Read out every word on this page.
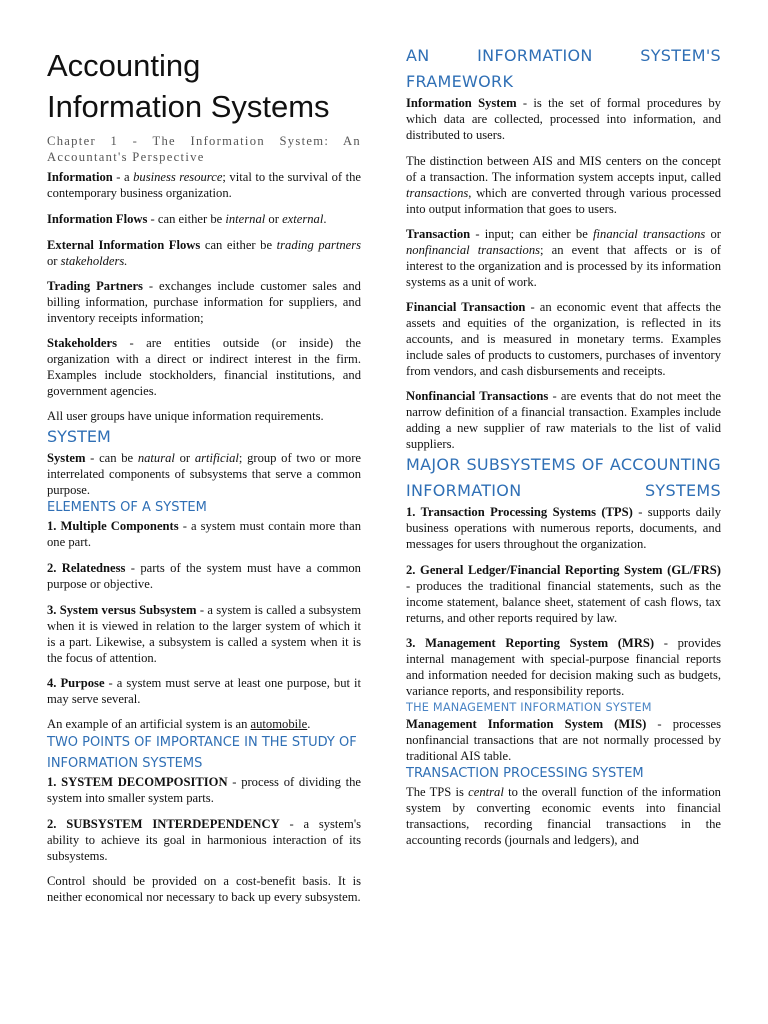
Accounting
Information Systems
Chapter 1 - The Information System: An Accountant's Perspective

Information - a business resource; vital to the survival of the contemporary business organization.

Information Flows - can either be internal or external.

External Information Flows can either be trading partners or stakeholders.

Trading Partners - exchanges include customer sales and billing information, purchase information for suppliers, and inventory receipts information;

Stakeholders - are entities outside (or inside) the organization with a direct or indirect interest in the firm. Examples include stockholders, financial institutions, and government agencies.

All user groups have unique information requirements.

SYSTEM

System - can be natural or artificial; group of two or more interrelated components of subsystems that serve a common purpose.

ELEMENTS OF A SYSTEM

1. Multiple Components - a system must contain more than one part.

2. Relatedness - parts of the system must have a common purpose or objective.

3. System versus Subsystem - a system is called a subsystem when it is viewed in relation to the larger system of which it is a part. Likewise, a subsystem is called a system when it is the focus of attention.

4. Purpose - a system must serve at least one purpose, but it may serve several.

An example of an artificial system is an automobile.

TWO POINTS OF IMPORTANCE IN THE STUDY OF INFORMATION SYSTEMS

1. SYSTEM DECOMPOSITION - process of dividing the system into smaller system parts.

2. SUBSYSTEM INTERDEPENDENCY - a system's ability to achieve its goal in harmonious interaction of its subsystems.

Control should be provided on a cost-benefit basis. It is neither economical nor necessary to back up every subsystem.

AN INFORMATION SYSTEM'S FRAMEWORK

Information System - is the set of formal procedures by which data are collected, processed into information, and distributed to users.

The distinction between AIS and MIS centers on the concept of a transaction. The information system accepts input, called transactions, which are converted through various processed into output information that goes to users.

Transaction - input; can either be financial transactions or nonfinancial transactions; an event that affects or is of interest to the organization and is processed by its information systems as a unit of work.

Financial Transaction - an economic event that affects the assets and equities of the organization, is reflected in its accounts, and is measured in monetary terms. Examples include sales of products to customers, purchases of inventory from vendors, and cash disbursements and receipts.

Nonfinancial Transactions - are events that do not meet the narrow definition of a financial transaction. Examples include adding a new supplier of raw materials to the list of valid suppliers.

MAJOR SUBSYSTEMS OF ACCOUNTING INFORMATION SYSTEMS

1. Transaction Processing Systems (TPS) - supports daily business operations with numerous reports, documents, and messages for users throughout the organization.

2. General Ledger/Financial Reporting System (GL/FRS) - produces the traditional financial statements, such as the income statement, balance sheet, statement of cash flows, tax returns, and other reports required by law.

3. Management Reporting System (MRS) - provides internal management with special-purpose financial reports and information needed for decision making such as budgets, variance reports, and responsibility reports.

THE MANAGEMENT INFORMATION SYSTEM

Management Information System (MIS) - processes nonfinancial transactions that are not normally processed by traditional AIS table.

TRANSACTION PROCESSING SYSTEM

The TPS is central to the overall function of the information system by converting economic events into financial transactions, recording financial transactions in the accounting records (journals and ledgers), and
